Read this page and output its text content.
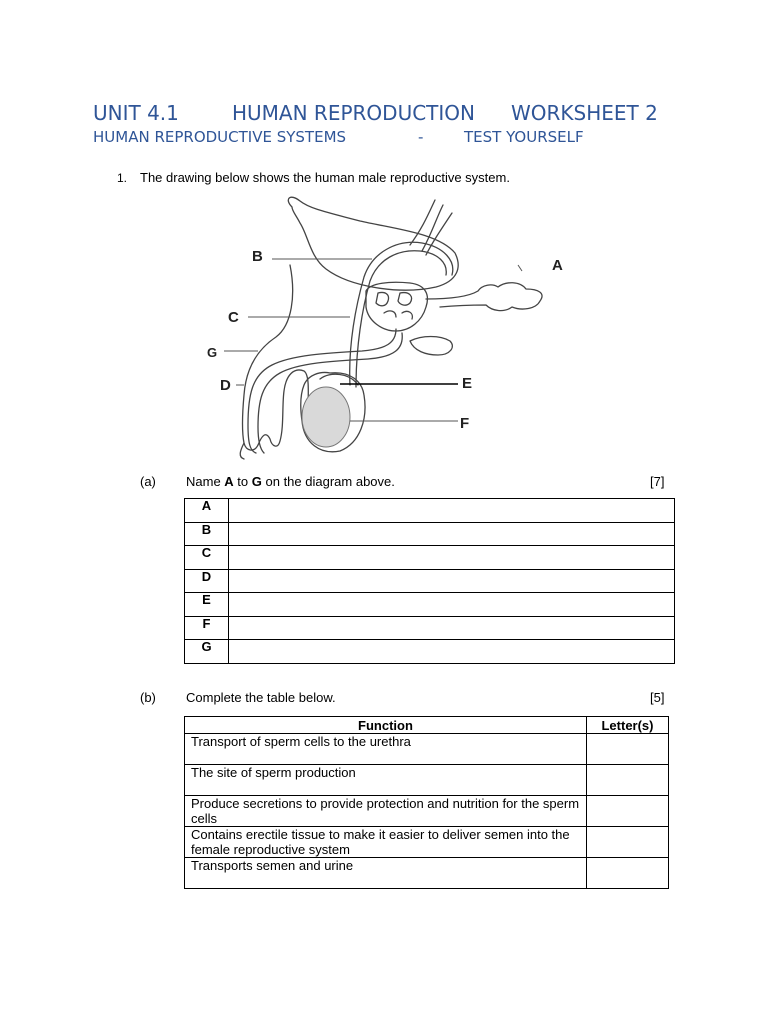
UNIT 4.1	HUMAN REPRODUCTION WORKSHEET 2
HUMAN REPRODUCTIVE SYSTEMS	-	TEST YOURSELF
1. The drawing below shows the human male reproductive system.
A
B
C
D	E
F
G
(a) Name A to G on the diagram above.	[7]
A	
B	
C	
D	
E	
F	
G	
(b) Complete the table below.	[5]
Function	Letter(s)
Transport of sperm cells to the urethra	
The site of sperm production	
Produce secretions to provide protection and nutrition for the sperm cells	
Contains erectile tissue to make it easier to deliver semen into the female reproductive system	
Transports semen and urine	
